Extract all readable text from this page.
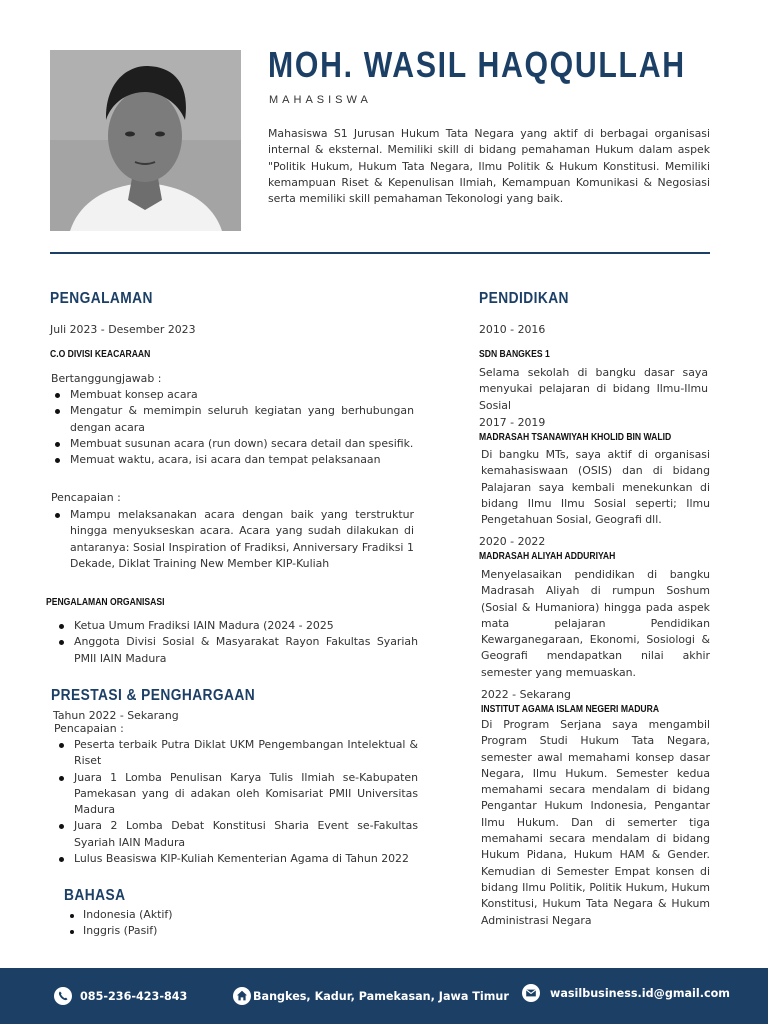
MOH. WASIL HAQQULLAH
MAHASISWA
Mahasiswa S1 Jurusan Hukum Tata Negara yang aktif di berbagai organisasi internal & eksternal. Memiliki skill di bidang pemahaman Hukum dalam aspek "Politik Hukum, Hukum Tata Negara, Ilmu Politik & Hukum Konstitusi. Memiliki kemampuan Riset & Kepenulisan Ilmiah, Kemampuan Komunikasi & Negosiasi serta memiliki skill pemahaman Tekonologi yang baik.
PENGALAMAN
Juli 2023 - Desember 2023
C.O DIVISI KEACARAAN
Bertanggungjawab :
Membuat konsep acara
Mengatur & memimpin seluruh kegiatan yang berhubungan dengan acara
Membuat susunan acara (run down) secara detail dan spesifik.
Memuat waktu, acara, isi acara dan tempat pelaksanaan
Pencapaian :
Mampu melaksanakan acara dengan baik yang terstruktur hingga menyukseskan acara. Acara yang sudah dilakukan di antaranya: Sosial Inspiration of Fradiksi, Anniversary Fradiksi 1 Dekade, Diklat Training New Member KIP-Kuliah
PENGALAMAN ORGANISASI
Ketua Umum Fradiksi IAIN Madura (2024 - 2025
Anggota Divisi Sosial & Masyarakat Rayon Fakultas Syariah PMII IAIN Madura
PRESTASI & PENGHARGAAN
Tahun 2022 - Sekarang
Pencapaian :
Peserta terbaik Putra Diklat UKM Pengembangan Intelektual & Riset
Juara 1 Lomba Penulisan Karya Tulis Ilmiah se-Kabupaten Pamekasan yang di adakan oleh Komisariat PMII Universitas Madura
Juara 2 Lomba Debat Konstitusi Sharia Event se-Fakultas Syariah IAIN Madura
Lulus Beasiswa KIP-Kuliah Kementerian Agama di Tahun 2022
BAHASA
Indonesia (Aktif)
Inggris (Pasif)
PENDIDIKAN
2010 - 2016
SDN BANGKES 1
Selama sekolah di bangku dasar saya menyukai pelajaran di bidang Ilmu-Ilmu Sosial
2017 - 2019
MADRASAH TSANAWIYAH KHOLID BIN WALID
Di bangku MTs, saya aktif di organisasi kemahasiswaan (OSIS) dan di bidang Palajaran saya kembali menekunkan di bidang Ilmu Ilmu Sosial seperti; Ilmu Pengetahuan Sosial, Geografi dll.
2020 - 2022
MADRASAH ALIYAH ADDURIYAH
Menyelasaikan pendidikan di bangku Madrasah Aliyah di rumpun Soshum (Sosial & Humaniora) hingga pada aspek mata pelajaran Pendidikan Kewarganegaraan, Ekonomi, Sosiologi & Geografi mendapatkan nilai akhir semester yang memuaskan.
2022 - Sekarang
INSTITUT AGAMA ISLAM NEGERI MADURA
Di Program Serjana saya mengambil Program Studi Hukum Tata Negara, semester awal memahami konsep dasar Negara, Ilmu Hukum. Semester kedua memahami secara mendalam di bidang Pengantar Hukum Indonesia, Pengantar Ilmu Hukum. Dan di semerter tiga memahami secara mendalam di bidang Hukum Pidana, Hukum HAM & Gender. Kemudian di Semester Empat konsen di bidang Ilmu Politik, Politik Hukum, Hukum Konstitusi, Hukum Tata Negara & Hukum Administrasi Negara
085-236-423-843	Bangkes, Kadur, Pamekasan, Jawa Timur	wasilbusiness.id@gmail.com
